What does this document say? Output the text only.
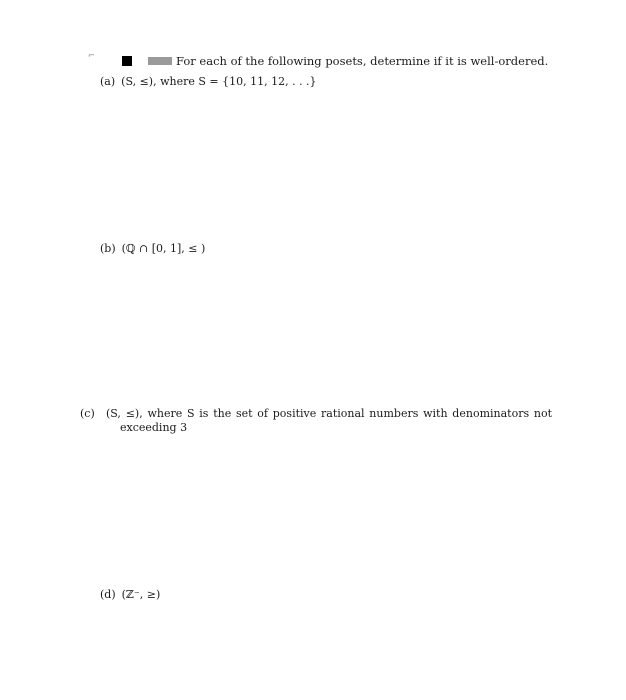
⌐	For each of the following posets, determine if it is well-ordered.
(a) (S, ≤), where S = {10, 11, 12, . . .}
(b) (ℚ ∩ [0, 1], ≤ )
(c) (S, ≤), where S is the set of positive rational numbers with denominators not exceeding 3
(d) (ℤ⁻, ≥)
